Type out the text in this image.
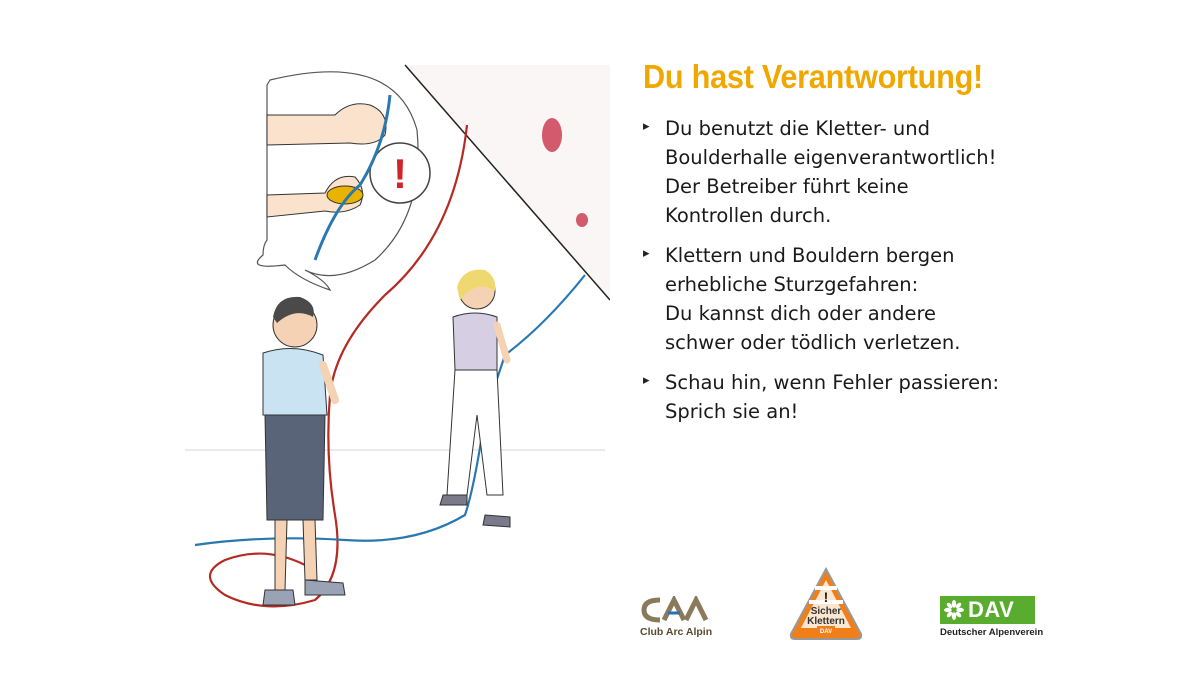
!
Du hast Verantwortung!
▸ Du benutzt die Kletter- und
Boulderhalle eigenverantwortlich!
Der Betreiber führt keine
Kontrollen durch.
▸ Klettern und Bouldern bergen
erhebliche Sturzgefahren:
Du kannst dich oder andere
schwer oder tödlich verletzen.
▸ Schau hin, wenn Fehler passieren:
Sprich sie an!
Club Arc Alpin
!
DAV
Sicher
Klettern	DAV
Deutscher Alpenverein
